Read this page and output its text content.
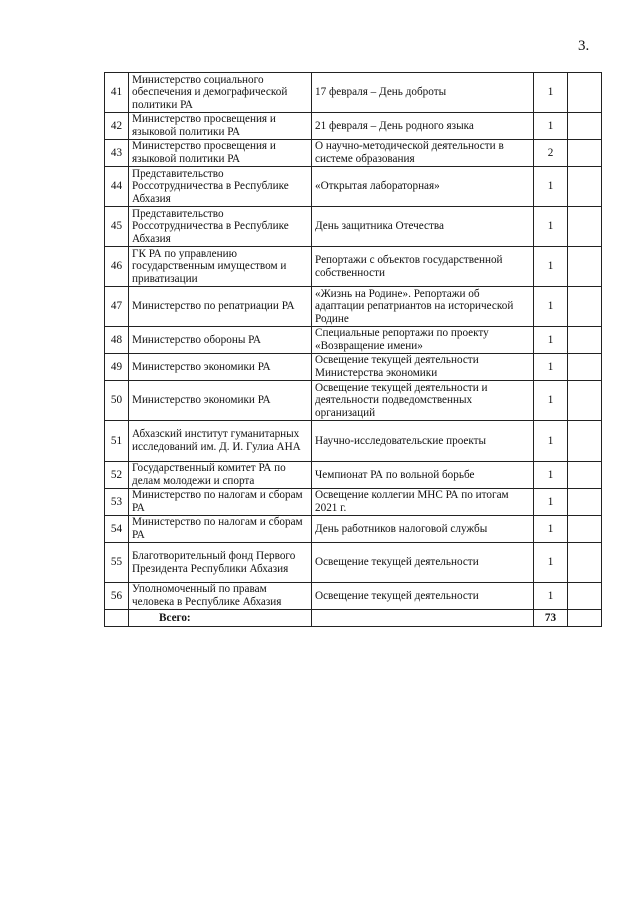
3.
41	Министерство социального обеспечения и демографической политики РА	17 февраля – День доброты	1	
42	Министерство просвещения и языковой политики РА	21 февраля – День родного языка	1	
43	Министерство просвещения и языковой политики РА	О научно-методической деятельности в системе образования	2	
44	Представительство Россотрудничества в Республике Абхазия	«Открытая лабораторная»	1	
45	Представительство Россотрудничества в Республике Абхазия	День защитника Отечества	1	
46	ГК РА по управлению государственным имуществом и приватизации	Репортажи с объектов государственной собственности	1	
47	Министерство по репатриации РА	«Жизнь на Родине». Репортажи об адаптации репатриантов на исторической Родине	1	
48	Министерство обороны РА	Специальные репортажи по проекту «Возвращение имени»	1	
49	Министерство экономики РА	Освещение текущей деятельности Министерства экономики	1	
50	Министерство экономики РА	Освещение текущей деятельности и деятельности подведомственных организаций	1	
51	Абхазский институт гуманитарных исследований им. Д. И. Гулиа АНА	Научно-исследовательские проекты	1	
52	Государственный комитет РА по делам молодежи и спорта	Чемпионат РА по вольной борьбе	1	
53	Министерство по налогам и сборам РА	Освещение коллегии МНС РА по итогам 2021 г.	1	
54	Министерство по налогам и сборам РА	День работников налоговой службы	1	
55	Благотворительный фонд Первого Президента Республики Абхазия	Освещение текущей деятельности	1	
56	Уполномоченный по правам человека в Республике Абхазия	Освещение текущей деятельности	1	
	Всего:		73	
